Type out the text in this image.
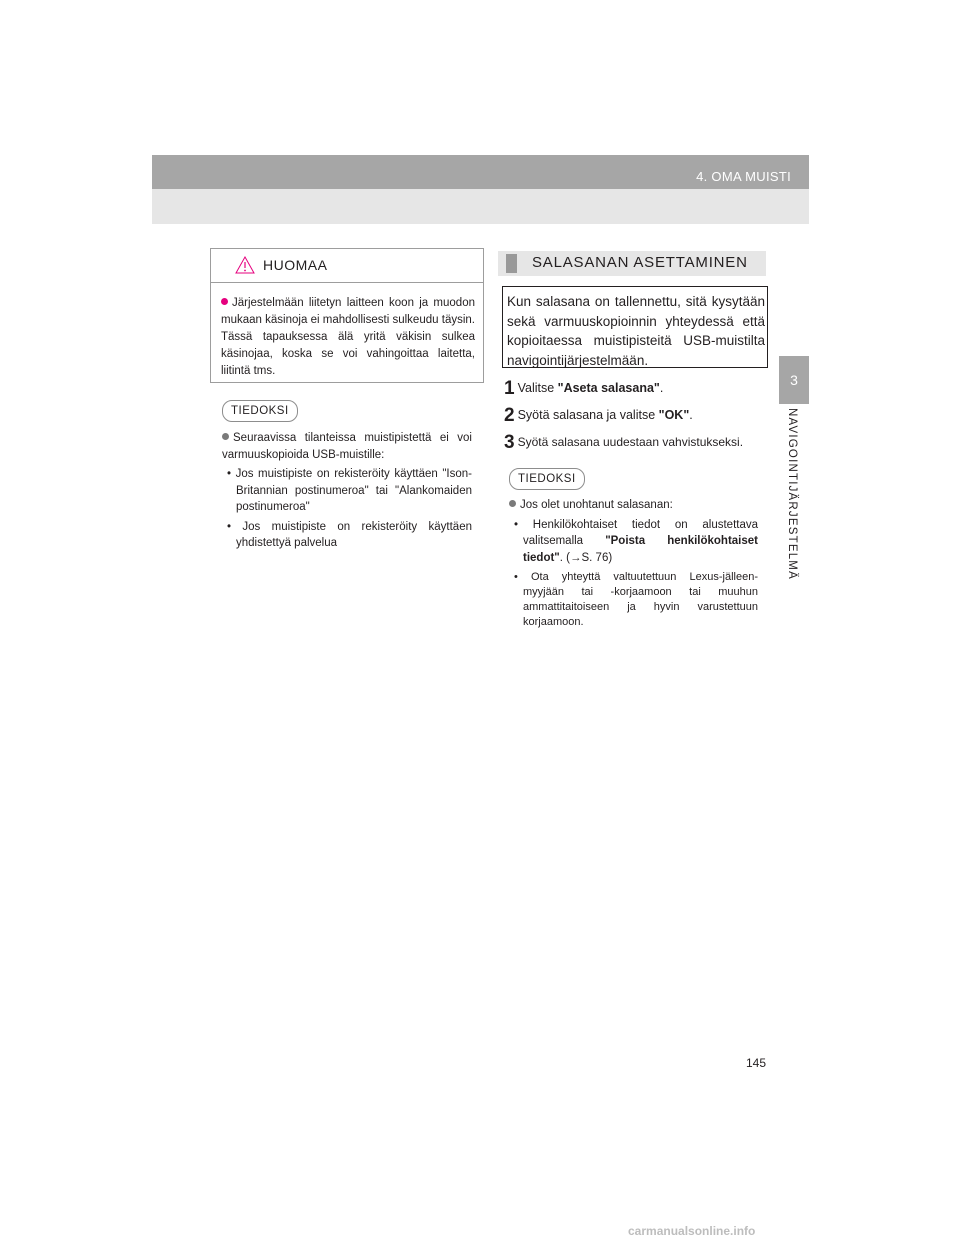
4. OMA MUISTI
3
NAVIGOINTIJÄRJESTELMÄ
HUOMAA
Järjestelmään liitetyn laitteen koon ja muodon mukaan käsinoja ei mahdollisesti sulkeudu täysin. Tässä tapauksessa älä yritä väkisin sulkea käsinojaa, koska se voi vahingoittaa laitetta, liitintä tms.
TIEDOKSI
Seuraavissa tilanteissa muistipistettä ei voi varmuuskopioida USB-muistille:
• Jos muistipiste on rekisteröity käyttäen "Ison-Britannian postinumeroa" tai "Alankomaiden postinumeroa"
• Jos muistipiste on rekisteröity käyttäen yhdistettyä palvelua
SALASANAN ASETTAMINEN
Kun salasana on tallennettu, sitä kysytään sekä varmuuskopioinnin yhteydessä että kopioitaessa muistipisteitä USB-muistilta navigointijärjestelmään.
1 Valitse "Aseta salasana".
2 Syötä salasana ja valitse "OK".
3 Syötä salasana uudestaan vahvistukseksi.
TIEDOKSI
Jos olet unohtanut salasanan:
• Henkilökohtaiset tiedot on alustettava valitsemalla "Poista henkilökohtaiset tiedot". (→S. 76)
• Ota yhteyttä valtuutettuun Lexus-jälleen-myyjään tai -korjaamoon tai muuhun ammattitaitoiseen ja hyvin varustettuun korjaamoon.
145
carmanualsonline.info
